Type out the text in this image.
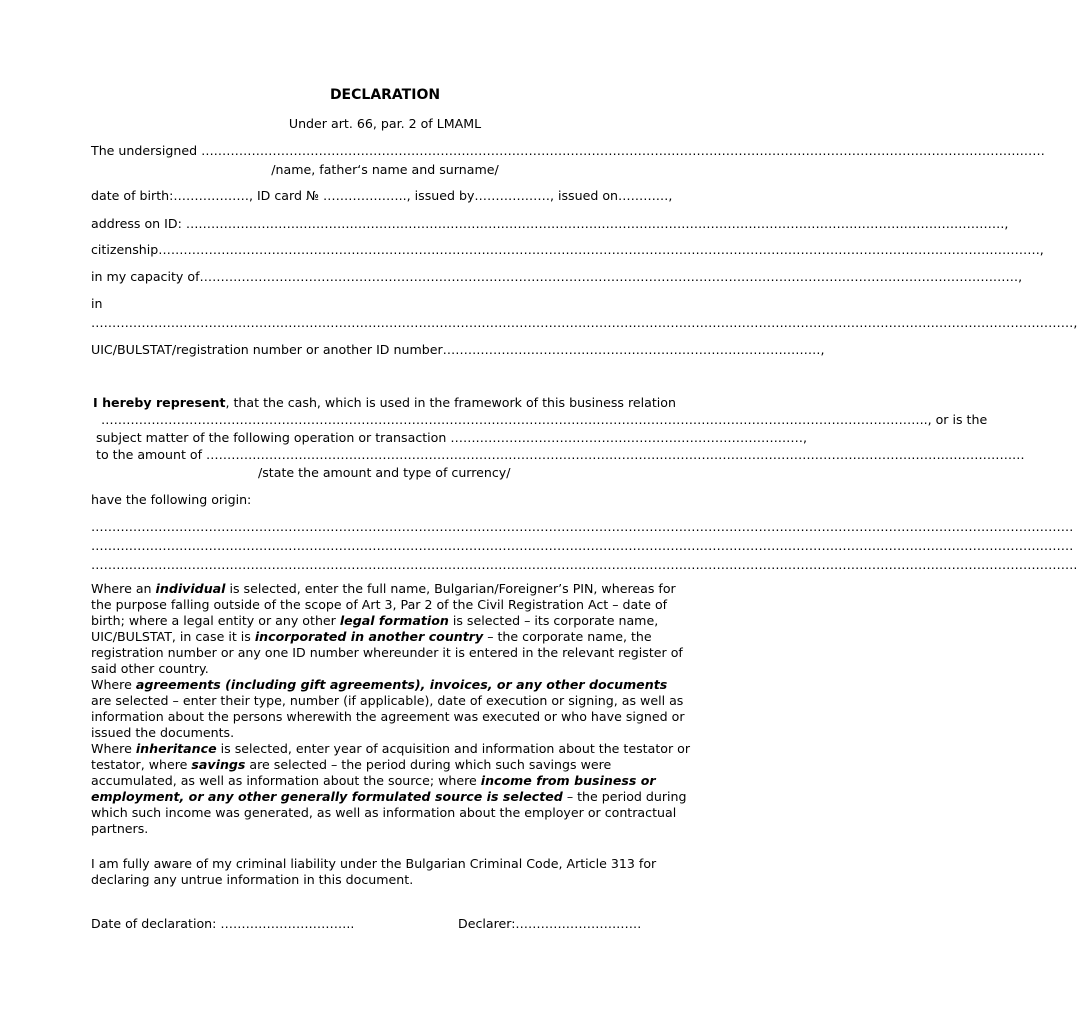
DECLARATION
Under art. 66, par. 2 of LMAML
The undersigned …………………………………………………………………………………………………………………………………………………………………………………
/name, father‘s name and surname/
date of birth:………………, ID card № ……………….., issued by………………, issued on…………,
address on ID: ……………………………………………………………………………………………………………………………………………………………………………,
citizenship…………………………………………………………………………………………………………………………………………………………………………………………,
in my capacity of……………………………………………………………………………………………………………………………………………………………………………,
in
………………………………………………………………………………………………………………………………………………………………………………………………………………,
UIC/BULSTAT/registration number or another ID number………………………………………………………………………………,
I hereby represent, that the cash, which is used in the framework of this business relation
…………………………………………………………………………………………………………………………………………………………………………….., or is the
subject matter of the following operation or transaction …………………………………………………………………………,
to the amount of ……………………………………………………………………………………………………………………………………………………………………………
/state the amount and type of currency/
have the following origin:
………………………………………………………………………………………………………………………………………………………………………………………………………………
………………………………………………………………………………………………………………………………………………………………………………………………………………
……………………………………………………………………………………………………………………………………………………………………………………………………………….
Where an individual is selected, enter the full name, Bulgarian/Foreigner’s PIN, whereas for the purpose falling outside of the scope of Art 3, Par 2 of the Civil Registration Act – date of birth; where a legal entity or any other legal formation is selected – its corporate name, UIC/BULSTAT, in case it is incorporated in another country – the corporate name, the registration number or any one ID number whereunder it is entered in the relevant register of said other country.
Where agreements (including gift agreements), invoices, or any other documents are selected – enter their type, number (if applicable), date of execution or signing, as well as information about the persons wherewith the agreement was executed or who have signed or issued the documents.
Where inheritance is selected, enter year of acquisition and information about the testator or testator, where savings are selected – the period during which such savings were accumulated, as well as information about the source; where income from business or employment, or any other generally formulated source is selected – the period during which such income was generated, as well as information about the employer or contractual partners.
I am fully aware of my criminal liability under the Bulgarian Criminal Code, Article 313 for declaring any untrue information in this document.
Date of declaration: …………………………..	Declarer:…………………………
